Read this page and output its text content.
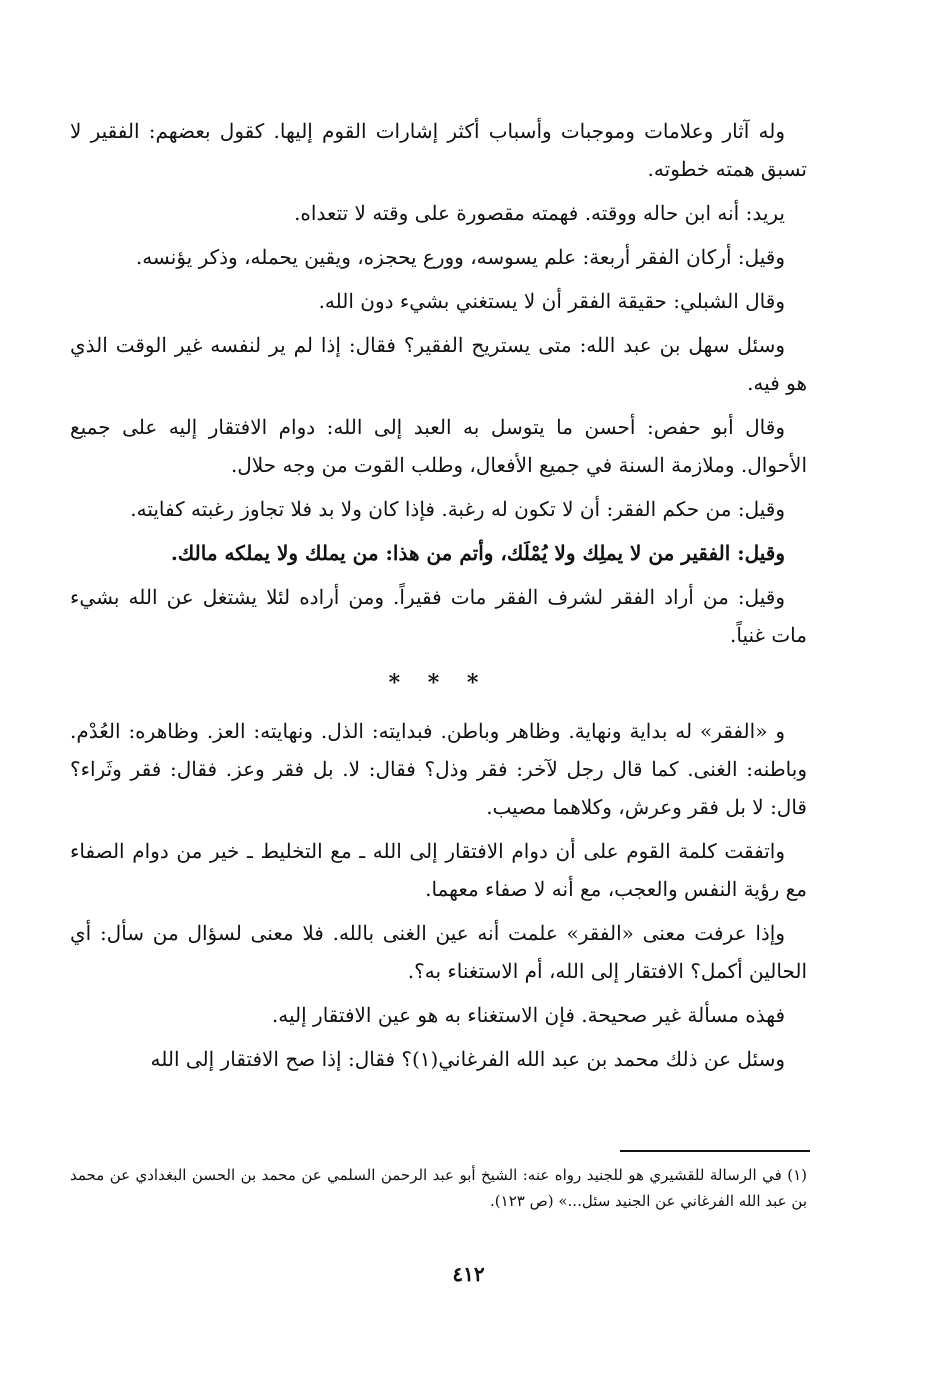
وله آثار وعلامات وموجبات وأسباب أكثر إشارات القوم إليها. كقول بعضهم: الفقير لا تسبق همته خطوته.

يريد: أنه ابن حاله ووقته. فهمته مقصورة على وقته لا تتعداه.

وقيل: أركان الفقر أربعة: علم يسوسه، وورع يحجزه، ويقين يحمله، وذكر يؤنسه.

وقال الشبلي: حقيقة الفقر أن لا يستغني بشيء دون الله.

وسئل سهل بن عبد الله: متى يستريح الفقير؟ فقال: إذا لم ير لنفسه غير الوقت الذي هو فيه.

وقال أبو حفص: أحسن ما يتوسل به العبد إلى الله: دوام الافتقار إليه على جميع الأحوال. وملازمة السنة في جميع الأفعال، وطلب القوت من وجه حلال.

وقيل: من حكم الفقر: أن لا تكون له رغبة. فإذا كان ولا بد فلا تجاوز رغبته كفايته.

وقيل: الفقير من لا يملِك ولا يُمْلَك، وأتم من هذا: من يملك ولا يملكه مالك.

وقيل: من أراد الفقر لشرف الفقر مات فقيراً. ومن أراده لئلا يشتغل عن الله بشيء مات غنياً.

* * *

و «الفقر» له بداية ونهاية. وظاهر وباطن. فبدايته: الذل. ونهايته: العز. وظاهره: العُدْم. وباطنه: الغنى. كما قال رجل لآخر: فقر وذل؟ فقال: لا. بل فقر وعز. فقال: فقر وثَراء؟ قال: لا بل فقر وعرش، وكلاهما مصيب.

واتفقت كلمة القوم على أن دوام الافتقار إلى الله ـ مع التخليط ـ خير من دوام الصفاء مع رؤية النفس والعجب، مع أنه لا صفاء معهما.

وإذا عرفت معنى «الفقر» علمت أنه عين الغنى بالله. فلا معنى لسؤال من سأل: أي الحالين أكمل؟ الافتقار إلى الله، أم الاستغناء به؟.

فهذه مسألة غير صحيحة. فإن الاستغناء به هو عين الافتقار إليه.

وسئل عن ذلك محمد بن عبد الله الفرغاني(١)؟ فقال: إذا صح الافتقار إلى الله

(١) في الرسالة للقشيري هو للجنيد رواه عنه: الشيخ أبو عبد الرحمن السلمي عن محمد بن الحسن البغدادي عن محمد بن عبد الله الفرغاني عن الجنيد سئل...» (ص ١٢٣).
٤١٢
